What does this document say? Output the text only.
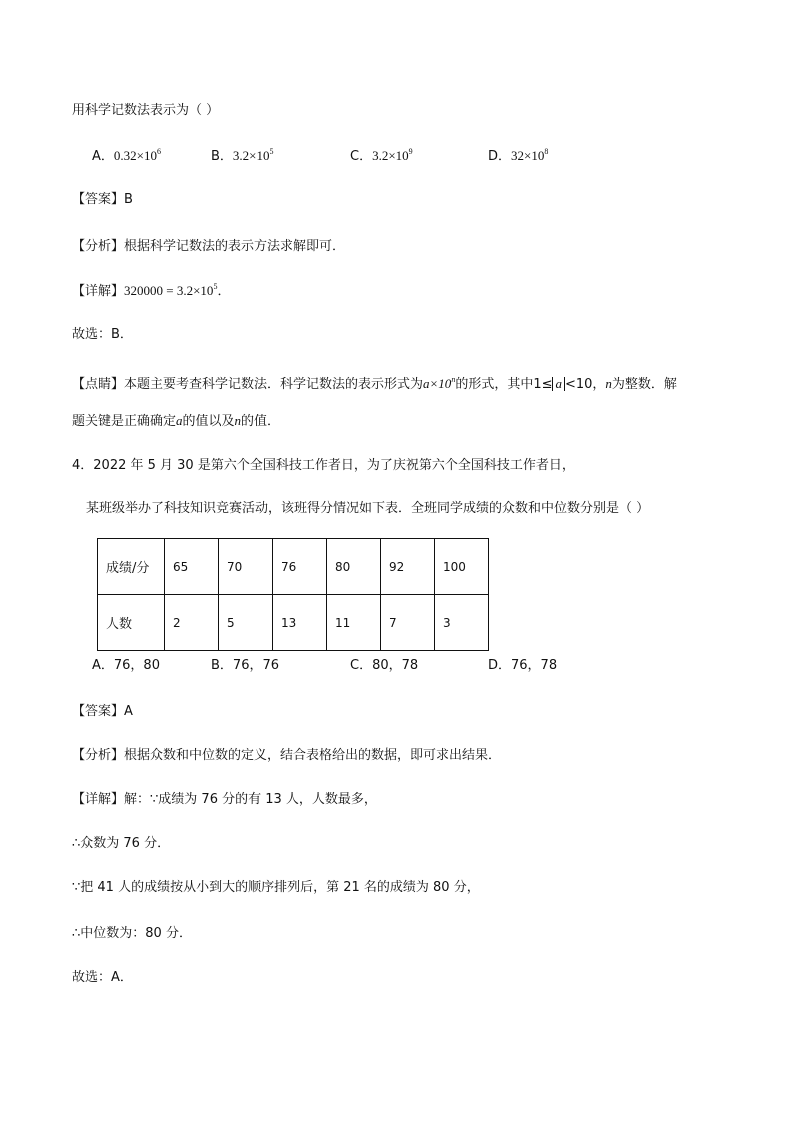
用科学记数法表示为（ ）
A．$0.32\times 10^6$	B．$3.2\times 10^5$	C．$3.2\times 10^9$	D．$32\times 10^8$
【答案】B
【分析】根据科学记数法的表示方法求解即可．
【详解】$320000 = 3.2\times 10^5$．
故选：B．
【点睛】本题主要考查科学记数法．科学记数法的表示形式为$a\times 10^n$的形式，其中1≤ a <10，n为整数．解
题关键是正确确定a的值以及n的值．
4．2022 年 5 月 30 是第六个全国科技工作者日，为了庆祝第六个全国科技工作者日，
某班级举办了科技知识竞赛活动，该班得分情况如下表．全班同学成绩的众数和中位数分别是（ ）
成绩/分	65	70	76	80	92	100
人数	2	5	13	11	7	3
A．76，80	B．76，76	C．80，78	D．76，78
【答案】A
【分析】根据众数和中位数的定义，结合表格给出的数据，即可求出结果．
【详解】解：∵成绩为 76 分的有 13 人，人数最多，
∴众数为 76 分．
∵把 41 人的成绩按从小到大的顺序排列后，第 21 名的成绩为 80 分，
∴中位数为：80 分．
故选：A．
